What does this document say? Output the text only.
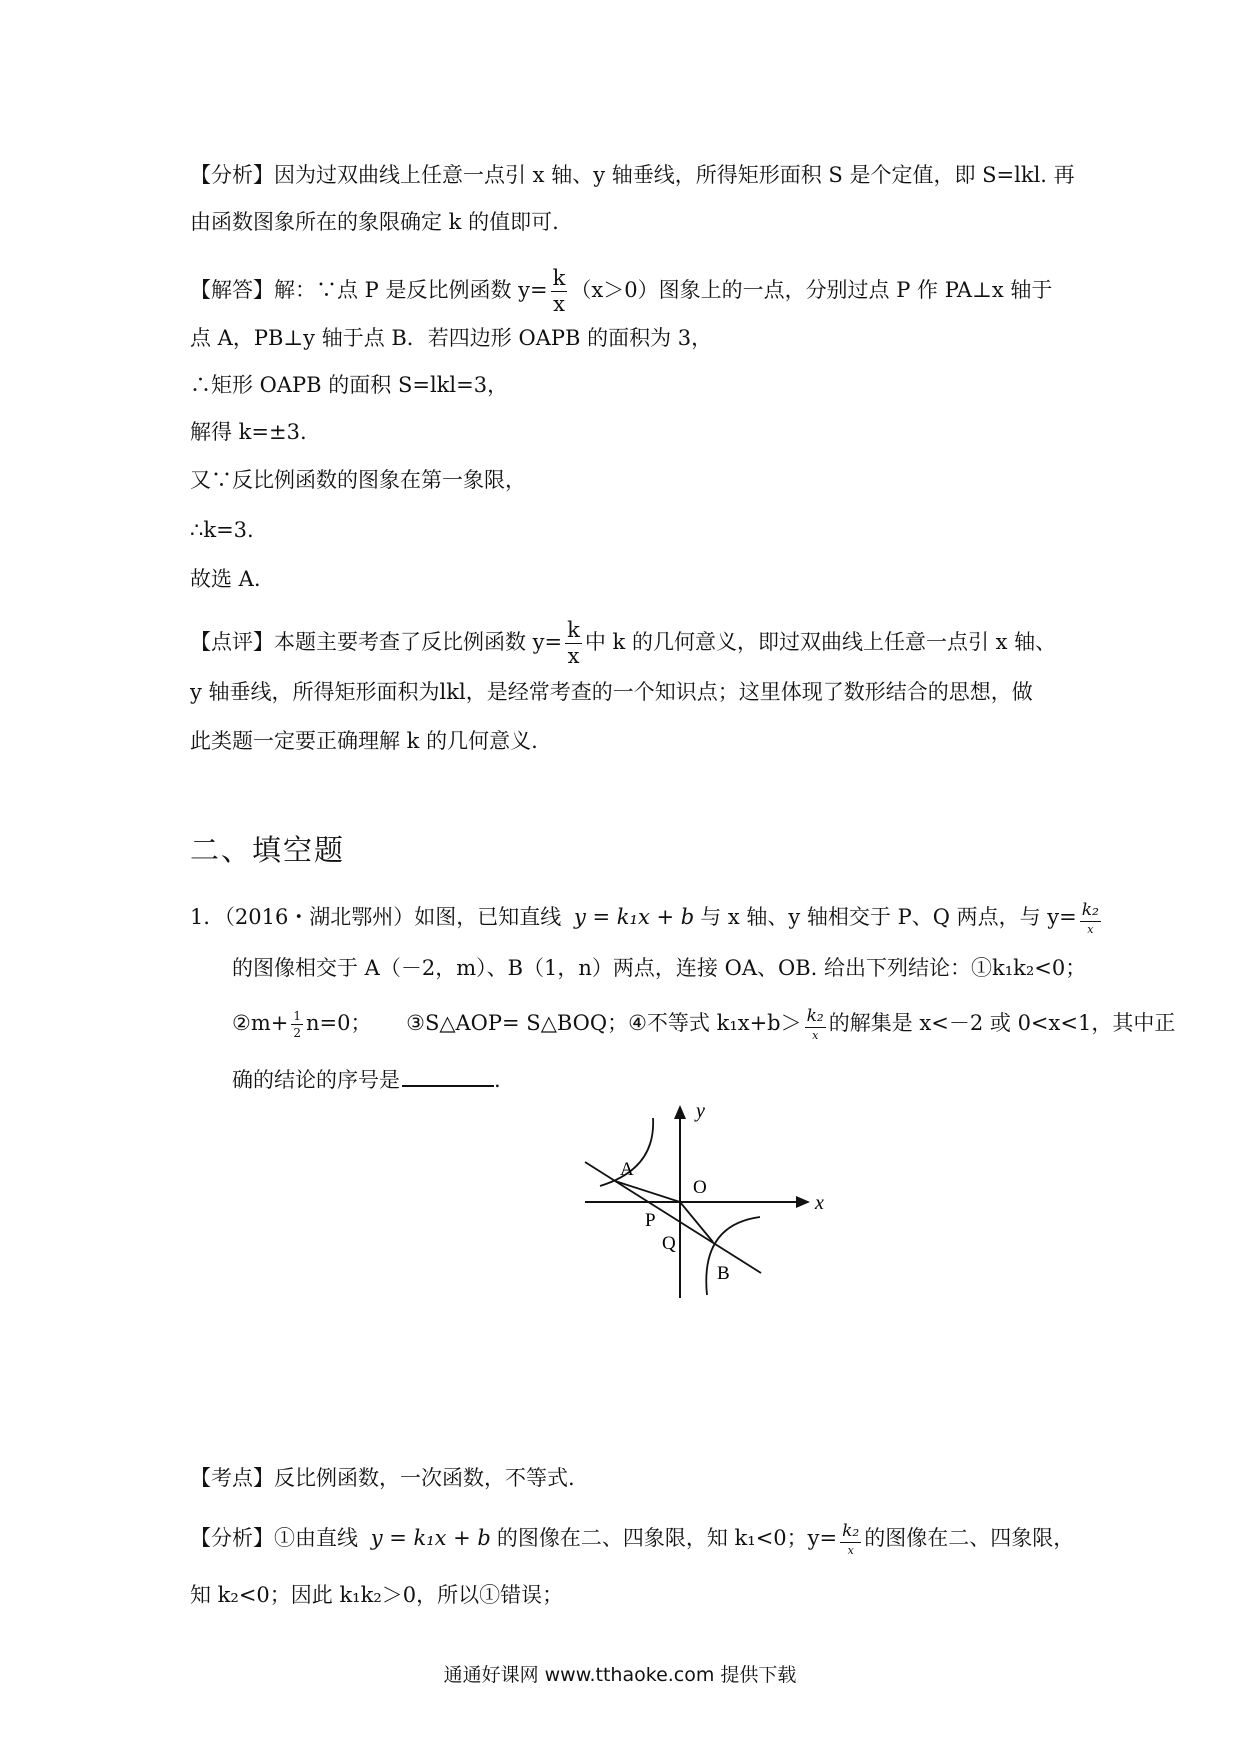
【分析】因为过双曲线上任意一点引 x 轴、y 轴垂线，所得矩形面积 S 是个定值，即 S=lkl. 再
由函数图象所在的象限确定 k 的值即可.
【解答】解：∵点 P 是反比例函数 $y= \frac{k}{x} (x>0)$图象上的一点，分别过点 P 作 PA⊥x 轴于
点 A，PB⊥y 轴于点 B．若四边形 OAPB 的面积为 3，
∴矩形 OAPB 的面积 S=lkl=3，
解得 k=±3.
又∵反比例函数的图象在第一象限，
∴k=3.
故选 A.
【点评】本题主要考查了反比例函数 $y= \frac{k}{x}$ 中 k 的几何意义，即过双曲线上任意一点引 x 轴、
y 轴垂线，所得矩形面积为lkl，是经常考查的一个知识点；这里体现了数形结合的思想，做
此类题一定要正确理解 k 的几何意义.
二、填空题
1．（2016・湖北鄂州）如图，已知直线 y = k₁x + b 与 x 轴、y 轴相交于 P、Q 两点，与 $y= \frac{\text{k₂}}{x}$
的图像相交于 A（－2，m）、B（1，n）两点，连接 OA、OB. 给出下列结论：①k₁k₂<0；
②m+ $\frac{1}{2} n=0$； ③S△AOP= S△BOQ；④不等式 $k_1x+b> \frac{\text{k₂}}{x}$ 的解集是 x<－2 或 0<x<1，其中正
确的结论的序号是	.
y
x
A
O
P
Q
B
【考点】反比例函数，一次函数，不等式.
【分析】①由直线 y = k₁x + b 的图像在二、四象限，知 k₁<0；$y= \frac{\text{k₂}}{x}$ 的图像在二、四象限，
知 k₂<0；因此 k₁k₂＞0，所以①错误；
通通好课网 www.tthaoke.com 提供下载
